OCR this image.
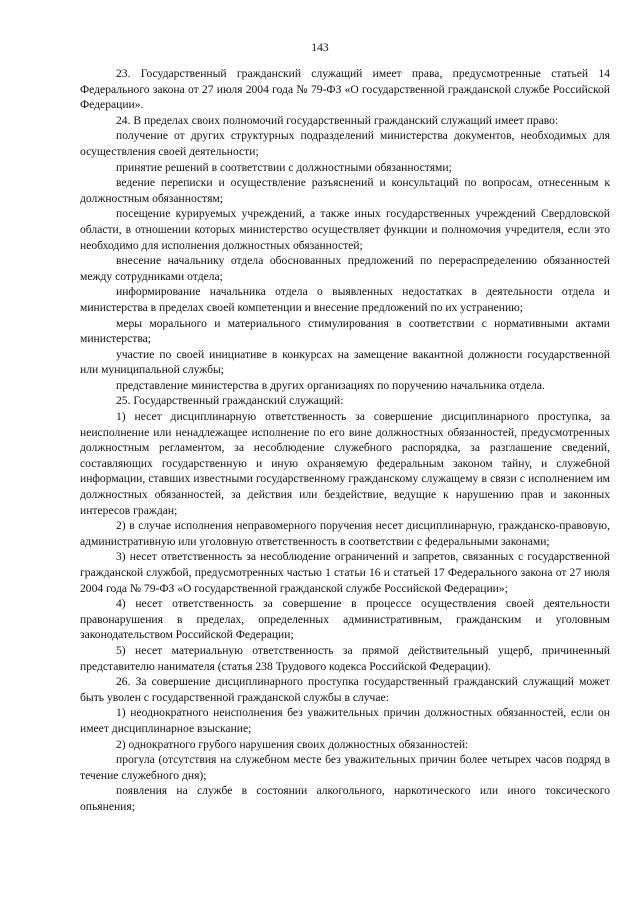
143

23. Государственный гражданский служащий имеет права, предусмотренные статьей 14 Федерального закона от 27 июля 2004 года № 79-ФЗ «О государственной гражданской службе Российской Федерации».

24. В пределах своих полномочий государственный гражданский служащий имеет право:

получение от других структурных подразделений министерства документов, необходимых для осуществления своей деятельности;

принятие решений в соответствии с должностными обязанностями;

ведение переписки и осуществление разъяснений и консультаций по вопросам, отнесенным к должностным обязанностям;

посещение курируемых учреждений, а также иных государственных учреждений Свердловской области, в отношении которых министерство осуществляет функции и полномочия учредителя, если это необходимо для исполнения должностных обязанностей;

внесение начальнику отдела обоснованных предложений по перераспределению обязанностей между сотрудниками отдела;

информирование начальника отдела о выявленных недостатках в деятельности отдела и министерства в пределах своей компетенции и внесение предложений по их устранению;

меры морального и материального стимулирования в соответствии с нормативными актами министерства;

участие по своей инициативе в конкурсах на замещение вакантной должности государственной или муниципальной службы;

представление министерства в других организациях по поручению начальника отдела.

25. Государственный гражданский служащий:

1) несет дисциплинарную ответственность за совершение дисциплинарного проступка, за неисполнение или ненадлежащее исполнение по его вине должностных обязанностей, предусмотренных должностным регламентом, за несоблюдение служебного распорядка, за разглашение сведений, составляющих государственную и иную охраняемую федеральным законом тайну, и служебной информации, ставших известными государственному гражданскому служащему в связи с исполнением им должностных обязанностей, за действия или бездействие, ведущие к нарушению прав и законных интересов граждан;

2) в случае исполнения неправомерного поручения несет дисциплинарную, гражданско-правовую, административную или уголовную ответственность в соответствии с федеральными законами;

3) несет ответственность за несоблюдение ограничений и запретов, связанных с государственной гражданской службой, предусмотренных частью 1 статьи 16 и статьей 17 Федерального закона от 27 июля 2004 года № 79-ФЗ «О государственной гражданской службе Российской Федерации»;

4) несет ответственность за совершение в процессе осуществления своей деятельности правонарушения в пределах, определенных административным, гражданским и уголовным законодательством Российской Федерации;

5) несет материальную ответственность за прямой действительный ущерб, причиненный представителю нанимателя (статья 238 Трудового кодекса Российской Федерации).

26. За совершение дисциплинарного проступка государственный гражданский служащий может быть уволен с государственной гражданской службы в случае:

1) неоднократного неисполнения без уважительных причин должностных обязанностей, если он имеет дисциплинарное взыскание;

2) однократного грубого нарушения своих должностных обязанностей:

прогула (отсутствия на служебном месте без уважительных причин более четырех часов подряд в течение служебного дня);

появления на службе в состоянии алкогольного, наркотического или иного токсического опьянения;
